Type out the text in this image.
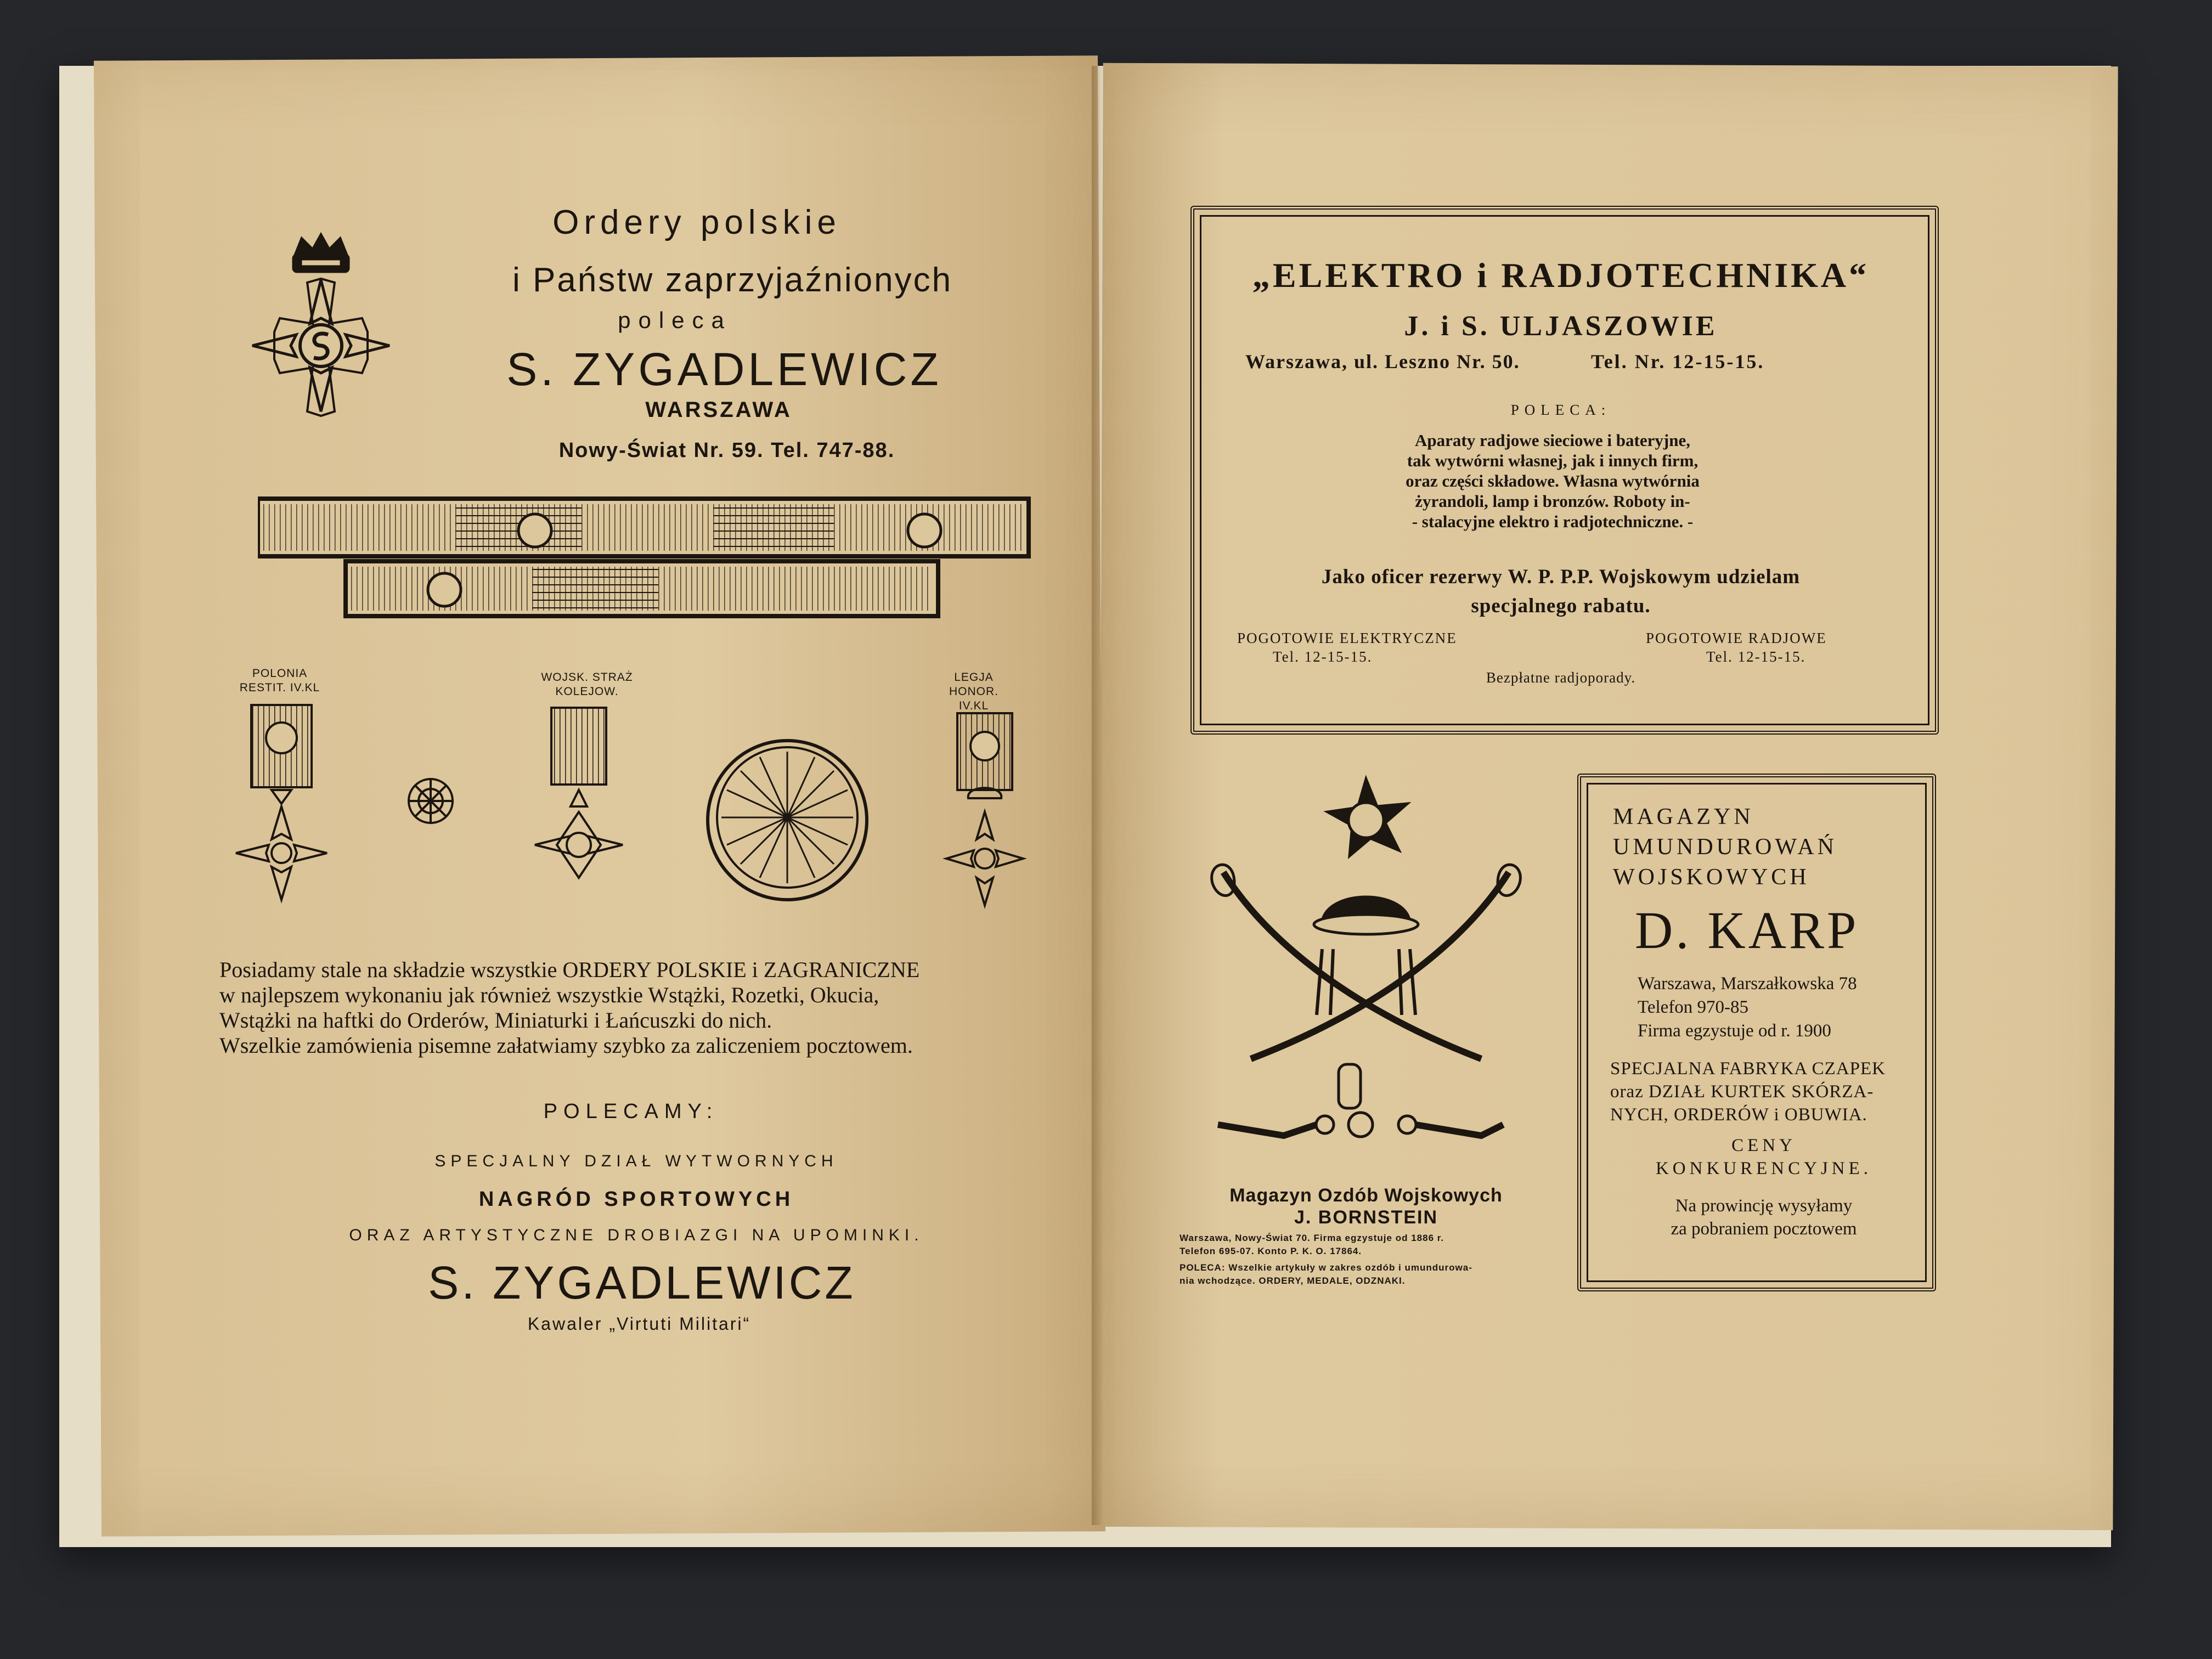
Ordery polskie
i Państw zaprzyjaźnionych
poleca
S. ZYGADLEWICZ
WARSZAWA
Nowy-Świat Nr. 59. Tel. 747-88.
POLONIA
RESTIT. IV.KL
WOJSK. STRAŻ
KOLEJOW.
LEGJA
HONOR. IV.KL
Posiadamy stale na składzie wszystkie ORDERY POLSKIE i ZAGRANICZNE
w najlepszem wykonaniu jak również wszystkie Wstążki, Rozetki, Okucia,
Wstążki na haftki do Orderów, Miniaturki i Łańcuszki do nich.
Wszelkie zamówienia pisemne załatwiamy szybko za zaliczeniem pocztowem.
POLECAMY:
SPECJALNY DZIAŁ WYTWORNYCH
NAGRÓD SPORTOWYCH
ORAZ ARTYSTYCZNE DROBIAZGI NA UPOMINKI.
S. ZYGADLEWICZ
Kawaler „Virtuti Militari“
„ELEKTRO i RADJOTECHNIKA“
J. i S. ULJASZOWIE
Warszawa, ul. Leszno Nr. 50.	Tel. Nr. 12-15-15.
POLECA:
Aparaty radjowe sieciowe i bateryjne,
tak wytwórni własnej, jak i innych firm,
oraz części składowe. Własna wytwórnia
żyrandoli, lamp i bronzów. Roboty in-
- stalacyjne elektro i radjotechniczne. -
Jako oficer rezerwy W. P. P.P. Wojskowym udzielam
specjalnego rabatu.
POGOTOWIE ELEKTRYCZNE
Tel. 12-15-15.
POGOTOWIE RADJOWE
Tel. 12-15-15.
Bezpłatne radjoporady.
Magazyn Ozdób Wojskowych
J. BORNSTEIN
Warszawa, Nowy-Świat 70. Firma egzystuje od 1886 r.
Telefon 695-07. Konto P. K. O. 17864.
POLECA: Wszelkie artykuły w zakres ozdób i umundurowa-
nia wchodzące. ORDERY, MEDALE, ODZNAKI.
MAGAZYN
UMUNDUROWAŃ
WOJSKOWYCH
D. KARP
Warszawa, Marszałkowska 78
Telefon 970-85
Firma egzystuje od r. 1900
SPECJALNA FABRYKA CZAPEK
oraz DZIAŁ KURTEK SKÓRZA-
NYCH, ORDERÓW i OBUWIA.
CENY
KONKURENCYJNE.
Na prowincję wysyłamy
za pobraniem pocztowem
